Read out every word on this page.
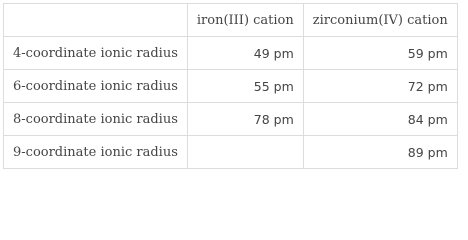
	iron(III) cation	zirconium(IV) cation
4-coordinate ionic radius	49 pm	59 pm
6-coordinate ionic radius	55 pm	72 pm
8-coordinate ionic radius	78 pm	84 pm
9-coordinate ionic radius		89 pm
